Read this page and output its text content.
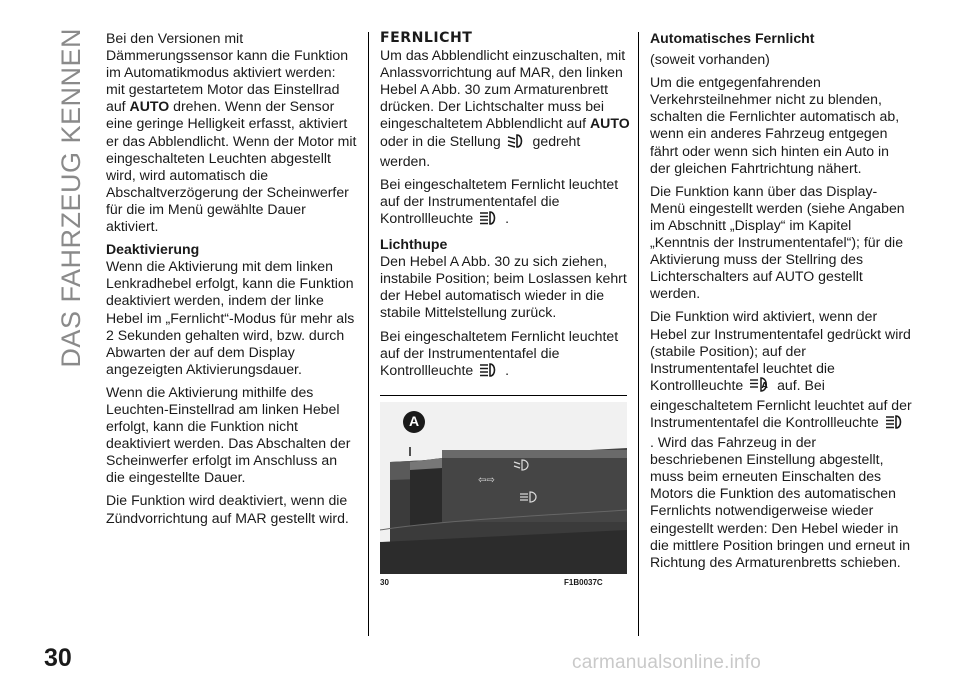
DAS FAHRZEUG KENNEN
30

Bei den Versionen mit Dämmerungssensor kann die Funktion im Automatikmodus aktiviert werden: mit gestartetem Motor das Einstellrad auf AUTO drehen. Wenn der Sensor eine geringe Helligkeit erfasst, aktiviert er das Abblendlicht. Wenn der Motor mit eingeschalteten Leuchten abgestellt wird, wird automatisch die Abschaltverzögerung der Scheinwerfer für die im Menü gewählte Dauer aktiviert.

Deaktivierung

Wenn die Aktivierung mit dem linken Lenkradhebel erfolgt, kann die Funktion deaktiviert werden, indem der linke Hebel im „Fernlicht“-Modus für mehr als 2 Sekunden gehalten wird, bzw. durch Abwarten der auf dem Display angezeigten Aktivierungsdauer.

Wenn die Aktivierung mithilfe des Leuchten-Einstellrad am linken Hebel erfolgt, kann die Funktion nicht deaktiviert werden. Das Abschalten der Scheinwerfer erfolgt im Anschluss an die eingestellte Dauer.

Die Funktion wird deaktiviert, wenn die Zündvorrichtung auf MAR gestellt wird.

FERNLICHT

Um das Abblendlicht einzuschalten, mit Anlassvorrichtung auf MAR, den linken Hebel A Abb. 30 zum Armaturenbrett drücken. Der Lichtschalter muss bei eingeschaltetem Abblendlicht auf AUTO oder in die Stellung gedreht werden.

Bei eingeschaltetem Fernlicht leuchtet auf der Instrumententafel die Kontrollleuchte .

Lichthupe

Den Hebel A Abb. 30 zu sich ziehen, instabile Position; beim Loslassen kehrt der Hebel automatisch wieder in die stabile Mittelstellung zurück.

Bei eingeschaltetem Fernlicht leuchtet auf der Instrumententafel die Kontrollleuchte .

⇦⇨
A
30	F1B0037C
Automatisches Fernlicht

(soweit vorhanden)

Um die entgegenfahrenden Verkehrsteilnehmer nicht zu blenden, schalten die Fernlichter automatisch ab, wenn ein anderes Fahrzeug entgegen fährt oder wenn sich hinten ein Auto in der gleichen Fahrtrichtung nähert.

Die Funktion kann über das Display-Menü eingestellt werden (siehe Angaben im Abschnitt „Display“ im Kapitel „Kenntnis der Instrumententafel“); für die Aktivierung muss der Stellring des Lichterschalters auf AUTO gestellt werden.

Die Funktion wird aktiviert, wenn der Hebel zur Instrumententafel gedrückt wird (stabile Position); auf der Instrumententafel leuchtet die Kontrollleuchte A auf. Bei eingeschaltetem Fernlicht leuchtet auf der Instrumententafel die Kontrollleuchte  . Wird das Fahrzeug in der beschriebenen Einstellung abgestellt, muss beim erneuten Einschalten des Motors die Funktion des automatischen Fernlichts notwendigerweise wieder eingestellt werden: Den Hebel wieder in die mittlere Position bringen und erneut in Richtung des Armaturenbretts schieben.

carmanualsonline.info
